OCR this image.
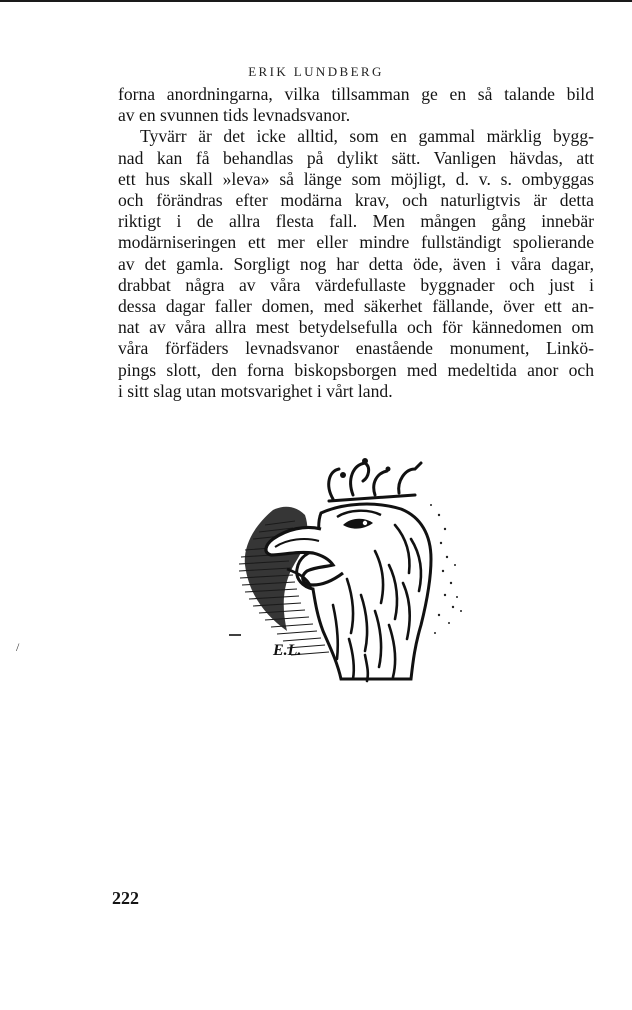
ERIK LUNDBERG
forna anordningarna, vilka tillsamman ge en så talande bild
av en svunnen tids levnadsvanor.
Tyvärr är det icke alltid, som en gammal märklig bygg-
nad kan få behandlas på dylikt sätt. Vanligen hävdas, att
ett hus skall »leva» så länge som möjligt, d. v. s. ombyggas
och förändras efter modärna krav, och naturligtvis är detta
riktigt i de allra flesta fall. Men mången gång innebär
modärniseringen ett mer eller mindre fullständigt spolierande
av det gamla. Sorgligt nog har detta öde, även i våra dagar,
drabbat några av våra värdefullaste byggnader och just i
dessa dagar faller domen, med säkerhet fällande, över ett an-
nat av våra allra mest betydelsefulla och för kännedomen om
våra förfäders levnadsvanor enastående monument, Linkö-
pings slott, den forna biskopsborgen med medeltida anor och
i sitt slag utan motsvarighet i vårt land.
E.L.
/
222
